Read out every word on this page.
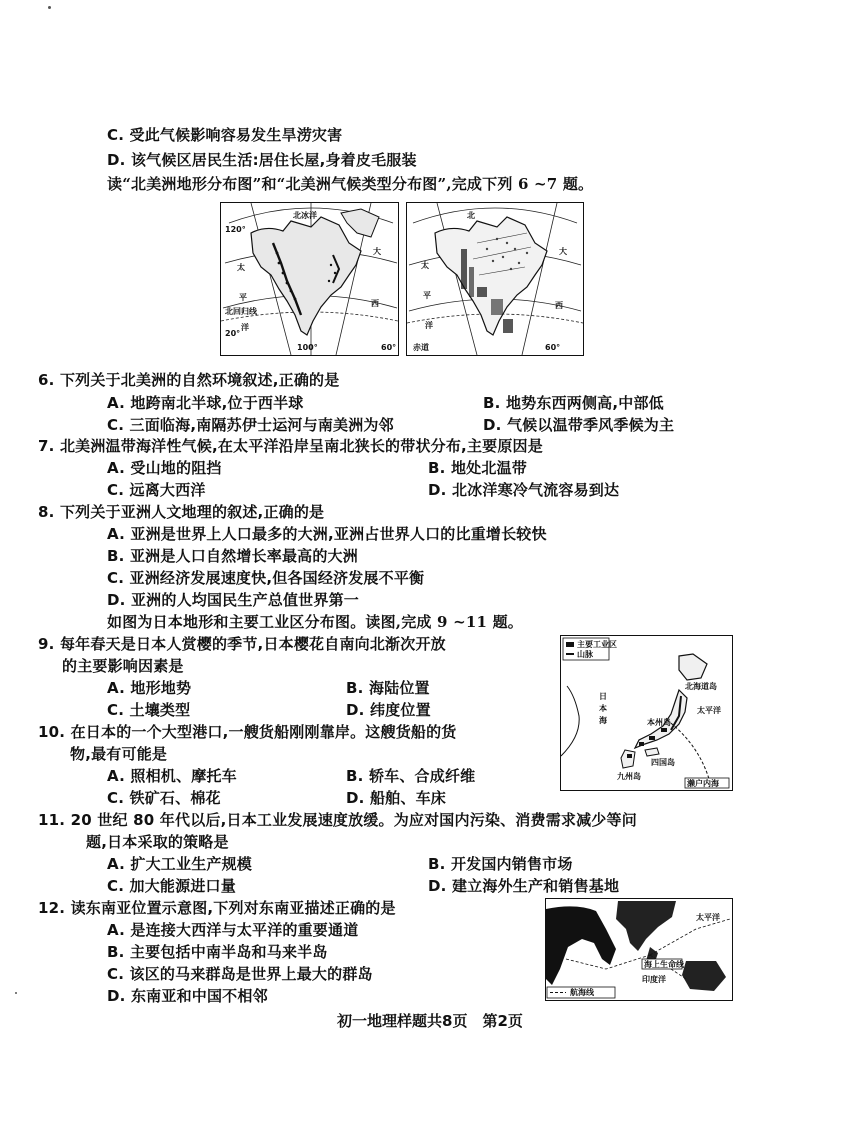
C. 受此气候影响容易发生旱涝灾害
D. 该气候区居民生活:居住长屋,身着皮毛服装
读“北美洲地形分布图”和“北美洲气候类型分布图”,完成下列 6 ~7 题。
北冰洋
大
平
洋
太
西
北回归线
100°	60°
120°
20°
北
大
平
洋
太
西
赤道	60°
6. 下列关于北美洲的自然环境叙述,正确的是
A. 地跨南北半球,位于西半球	B. 地势东西两侧高,中部低
C. 三面临海,南隔苏伊士运河与南美洲为邻	D. 气候以温带季风季候为主
7. 北美洲温带海洋性气候,在太平洋沿岸呈南北狭长的带状分布,主要原因是
A. 受山地的阻挡	B. 地处北温带
C. 远离大西洋	D. 北冰洋寒冷气流容易到达
8. 下列关于亚洲人文地理的叙述,正确的是
A. 亚洲是世界上人口最多的大洲,亚洲占世界人口的比重增长较快
B. 亚洲是人口自然增长率最高的大洲
C. 亚洲经济发展速度快,但各国经济发展不平衡
D. 亚洲的人均国民生产总值世界第一
如图为日本地形和主要工业区分布图。读图,完成 9 ~11 题。
9. 每年春天是日本人赏樱的季节,日本樱花自南向北渐次开放
的主要影响因素是
A. 地形地势	B. 海陆位置
C. 土壤类型	D. 纬度位置
10. 在日本的一个大型港口,一艘货船刚刚靠岸。这艘货船的货
物,最有可能是
A. 照相机、摩托车	B. 轿车、合成纤维
C. 铁矿石、棉花	D. 船舶、车床
主要工业区
山脉
日
本
海
北海道岛
太平洋
本州岛
四国岛
九州岛
濑户内海
11. 20 世纪 80 年代以后,日本工业发展速度放缓。为应对国内污染、消费需求减少等问
题,日本采取的策略是
A. 扩大工业生产规模	B. 开发国内销售市场
C. 加大能源进口量	D. 建立海外生产和销售基地
12. 读东南亚位置示意图,下列对东南亚描述正确的是
A. 是连接大西洋与太平洋的重要通道
B. 主要包括中南半岛和马来半岛
C. 该区的马来群岛是世界上最大的群岛
D. 东南亚和中国不相邻
太平洋
海上生命线
印度洋
航海线
初一地理样题共8页　第2页
